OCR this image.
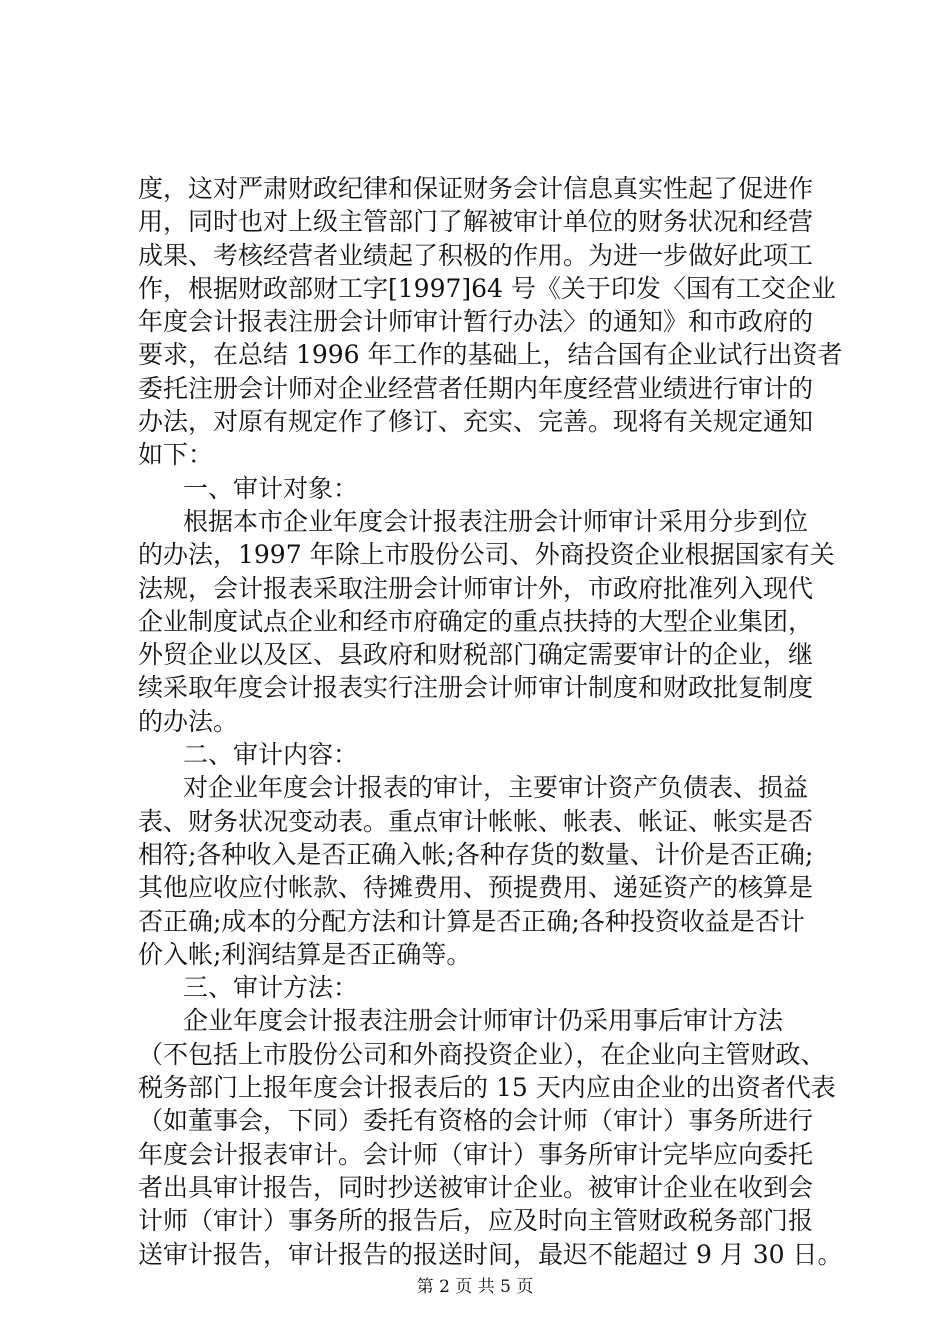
度，这对严肃财政纪律和保证财务会计信息真实性起了促进作
用，同时也对上级主管部门了解被审计单位的财务状况和经营
成果、考核经营者业绩起了积极的作用。为进一步做好此项工
作，根据财政部财工字[1997]64 号《关于印发〈国有工交企业
年度会计报表注册会计师审计暂行办法〉的通知》和市政府的
要求，在总结 1996 年工作的基础上，结合国有企业试行出资者
委托注册会计师对企业经营者任期内年度经营业绩进行审计的
办法，对原有规定作了修订、充实、完善。现将有关规定通知
如下：
一、审计对象：
根据本市企业年度会计报表注册会计师审计采用分步到位
的办法，1997 年除上市股份公司、外商投资企业根据国家有关
法规，会计报表采取注册会计师审计外，市政府批准列入现代
企业制度试点企业和经市府确定的重点扶持的大型企业集团，
外贸企业以及区、县政府和财税部门确定需要审计的企业，继
续采取年度会计报表实行注册会计师审计制度和财政批复制度
的办法。
二、审计内容：
对企业年度会计报表的审计，主要审计资产负债表、损益
表、财务状况变动表。重点审计帐帐、帐表、帐证、帐实是否
相符;各种收入是否正确入帐;各种存货的数量、计价是否正确;
其他应收应付帐款、待摊费用、预提费用、递延资产的核算是
否正确;成本的分配方法和计算是否正确;各种投资收益是否计
价入帐;利润结算是否正确等。
三、审计方法：
企业年度会计报表注册会计师审计仍采用事后审计方法
（不包括上市股份公司和外商投资企业），在企业向主管财政、
税务部门上报年度会计报表后的 15 天内应由企业的出资者代表
（如董事会，下同）委托有资格的会计师（审计）事务所进行
年度会计报表审计。会计师（审计）事务所审计完毕应向委托
者出具审计报告，同时抄送被审计企业。被审计企业在收到会
计师（审计）事务所的报告后，应及时向主管财政税务部门报
送审计报告，审计报告的报送时间，最迟不能超过 9 月 30 日。
第 2 页 共 5 页
